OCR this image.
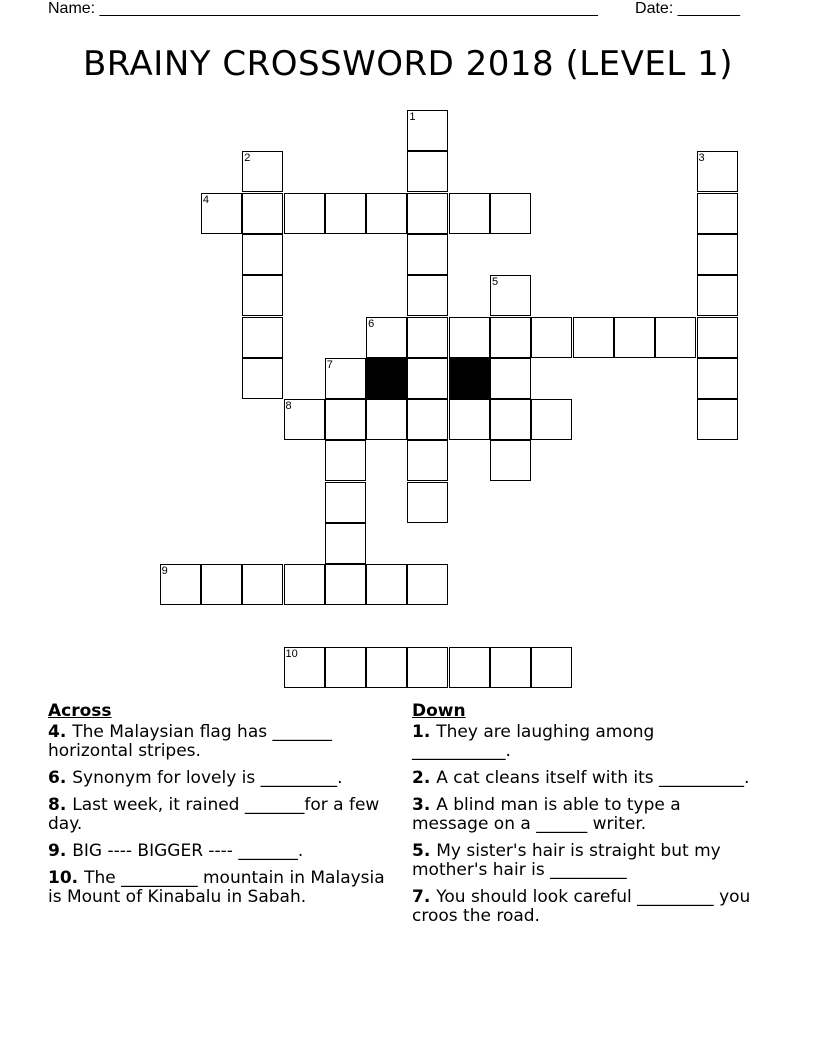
Name: ________________________________________________________ Date: _______
BRAINY CROSSWORD 2018 (LEVEL 1)
1
2	3
4
5
6
7
8
9
10
Across
4. The Malaysian flag has _______ horizontal stripes.
6. Synonym for lovely is _________.
8. Last week, it rained _______for a few day.
9. BIG ---- BIGGER ---- _______.
10. The _________ mountain in Malaysia is Mount of Kinabalu in Sabah.
Down
1. They are laughing among ___________.
2. A cat cleans itself with its __________.
3. A blind man is able to type a message on a ______ writer.
5. My sister's hair is straight but my mother's hair is _________
7. You should look careful _________ you croos the road.
